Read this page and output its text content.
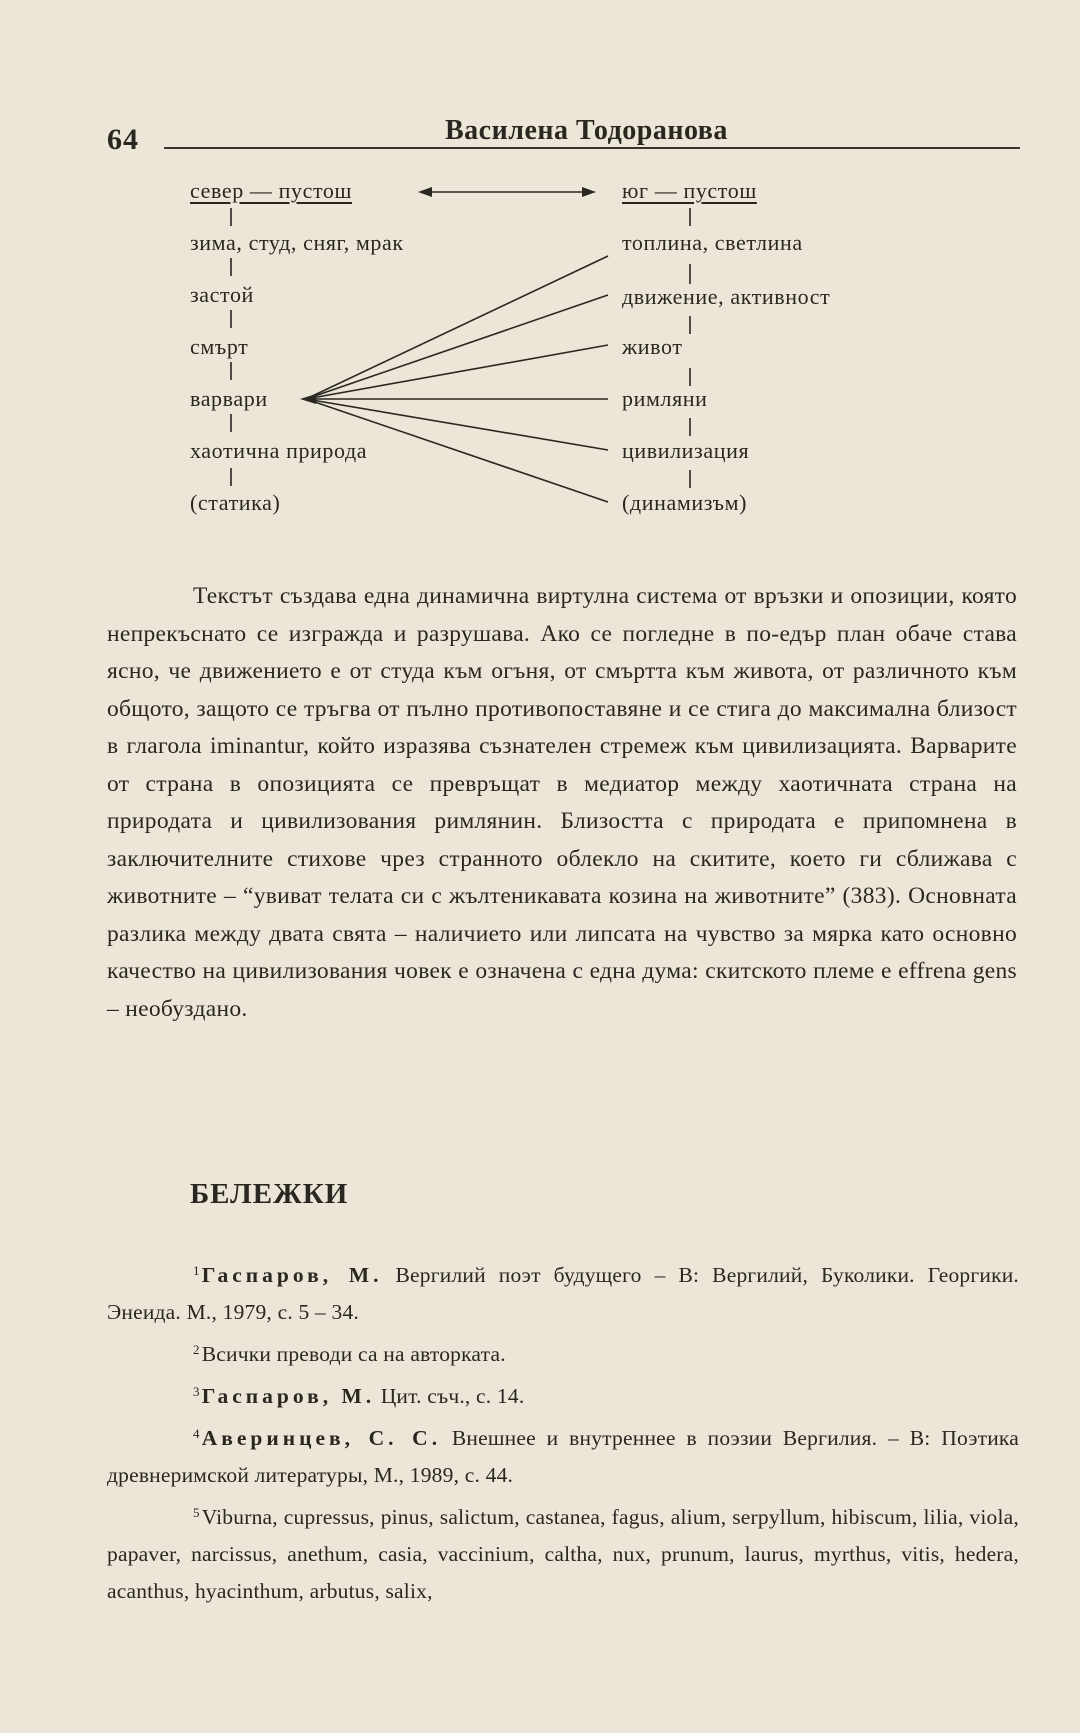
64	Василена Тодоранова
север — пустош	юг — пустош
зима, студ, сняг, мрак
застой
смърт
варвари
хаотична природа
(статика)
топлина, светлина
движение, активност
живот
римляни
цивилизация
(динамизъм)

Текстът създава една динамична виртулна система от връзки и опозиции, която непрекъснато се изгражда и разрушава. Ако се погледне в по-едър план обаче става ясно, че движението е от студа към огъня, от смъртта към живота, от различното към общото, защото се тръгва от пълно противопоставяне и се стига до максимална близост в глагола iminantur, който изразява съзнателен стремеж към цивилизацията. Варварите от страна в опозицията се превръщат в медиатор между хаотичната страна на природата и цивилизования римлянин. Близостта с природата е припомнена в заключителните стихове чрез странното облекло на скитите, което ги сближава с животните – “увиват телата си с жълтеникавата козина на животните” (383). Основната разлика между двата свята – наличието или липсата на чувство за мярка като основно качество на цивилизования човек е означена с една дума: скитското племе е effrena gens – необуздано.

БЕЛЕЖКИ

$^1$Гаспаров, М. Вергилий поэт будущего – В: Вергилий, Буколики. Георгики. Энеида. М., 1979, с. 5 – 34.

$^2$Всички преводи са на авторката.

$^3$Гаспаров, М. Цит. съч., с. 14.

$^4$Аверинцев, С. С. Внешнее и внутреннее в поэзии Вергилия. – В: Поэтика древнеримской литературы, М., 1989, с. 44.

$^5$Viburna, cupressus, pinus, salictum, castanea, fagus, alium, serpyllum, hibiscum, lilia, viola, papaver, narcissus, anethum, casia, vaccinium, caltha, nux, prunum, laurus, myrthus, vitis, hedera, acanthus, hyacinthum, arbutus, salix,
